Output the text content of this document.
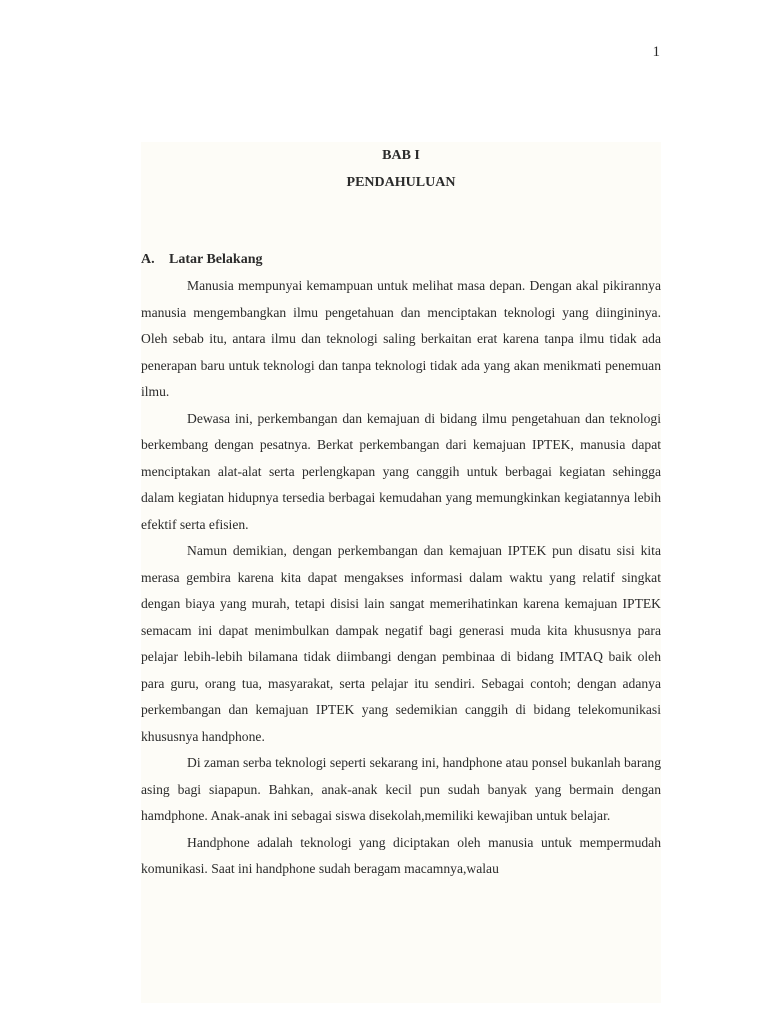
1
BAB I
PENDAHULUAN
A.	Latar Belakang

Manusia mempunyai kemampuan untuk melihat masa depan. Dengan akal pikirannya manusia mengembangkan ilmu pengetahuan dan menciptakan teknologi yang diingininya. Oleh sebab itu, antara ilmu dan teknologi saling berkaitan erat karena tanpa ilmu tidak ada penerapan baru untuk teknologi dan tanpa teknologi tidak ada yang akan menikmati penemuan ilmu.

Dewasa ini, perkembangan dan kemajuan di bidang ilmu pengetahuan dan teknologi berkembang dengan pesatnya. Berkat perkembangan dari kemajuan IPTEK, manusia dapat menciptakan alat-alat serta perlengkapan yang canggih untuk berbagai kegiatan sehingga dalam kegiatan hidupnya tersedia berbagai kemudahan yang memungkinkan kegiatannya lebih efektif serta efisien.

Namun demikian, dengan perkembangan dan kemajuan IPTEK pun disatu sisi kita merasa gembira karena kita dapat mengakses informasi dalam waktu yang relatif singkat dengan biaya yang murah, tetapi disisi lain sangat memerihatinkan karena kemajuan IPTEK semacam ini dapat menimbulkan dampak negatif bagi generasi muda kita khususnya para pelajar lebih-lebih bilamana tidak diimbangi dengan pembinaa di bidang IMTAQ baik oleh para guru, orang tua, masyarakat, serta pelajar itu sendiri. Sebagai contoh; dengan adanya perkembangan dan kemajuan IPTEK yang sedemikian canggih di bidang telekomunikasi khususnya handphone.

Di zaman serba teknologi seperti sekarang ini, handphone atau ponsel bukanlah barang asing bagi siapapun. Bahkan, anak-anak kecil pun sudah banyak yang bermain dengan hamdphone. Anak-anak ini sebagai siswa disekolah,memiliki kewajiban untuk belajar.

Handphone adalah teknologi yang diciptakan oleh manusia untuk mempermudah komunikasi. Saat ini handphone sudah beragam macamnya,walau
